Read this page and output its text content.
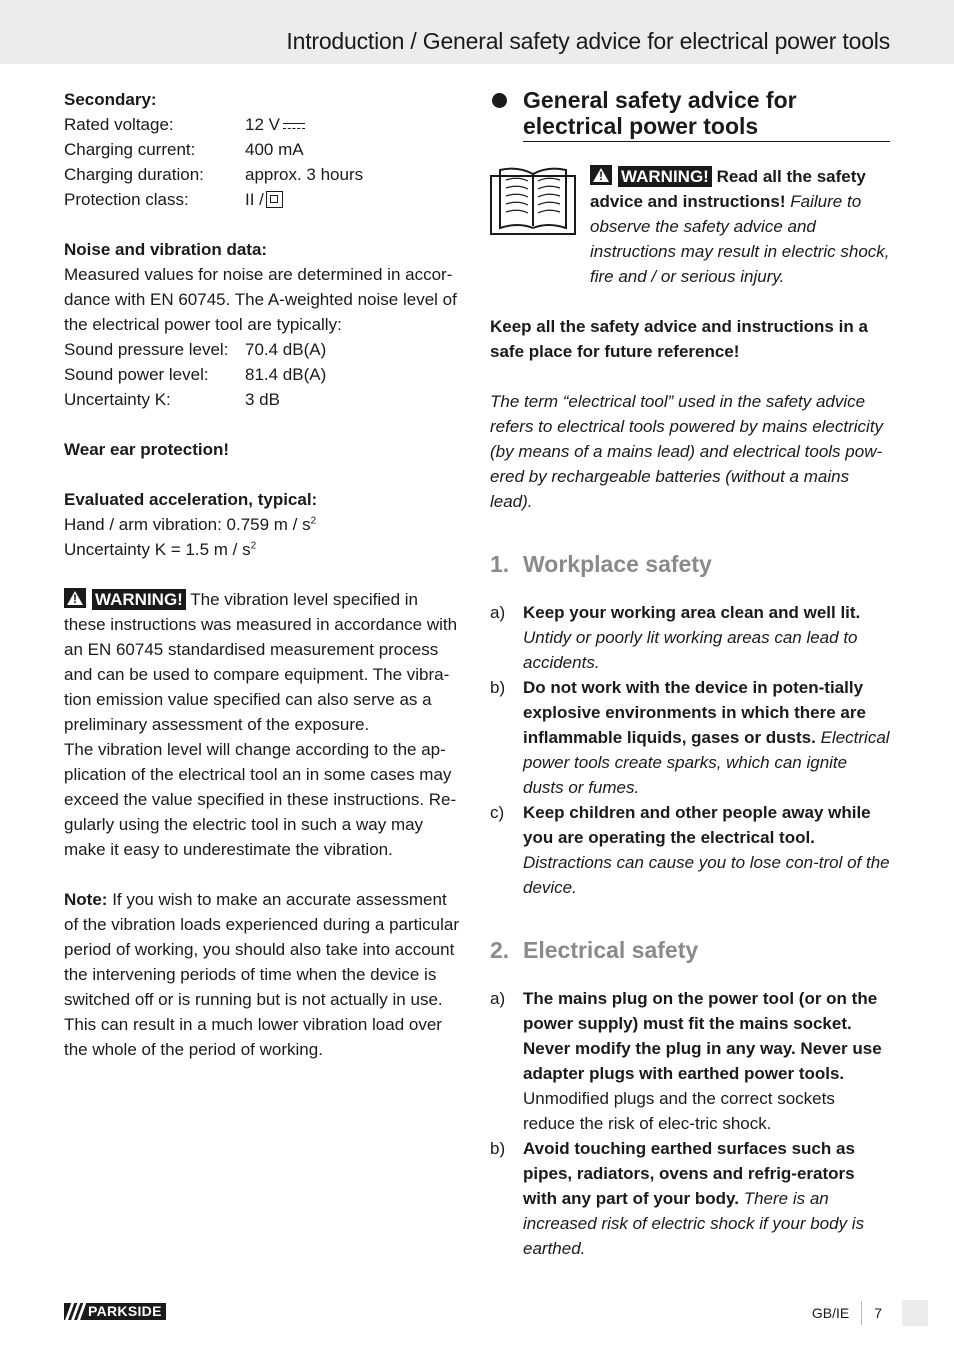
Introduction / General safety advice for electrical power tools

Secondary:

Rated voltage:	12 V
Charging current:	400 mA
Charging duration:	approx. 3 hours
Protection class:	II /

Noise and vibration data:

Measured values for noise are determined in accor-dance with EN 60745. The A-weighted noise level of the electrical power tool are typically:

Sound pressure level: 70.4 dB(A)
Sound power level:	81.4 dB(A)
Uncertainty K:	3 dB

Wear ear protection!

Evaluated acceleration, typical:

Hand / arm vibration: 0.759 m / $s^2$

Uncertainty K = 1.5 m / $s^2$

!WARNING! The vibration level specified in these instructions was measured in accordance with an EN 60745 standardised measurement process and can be used to compare equipment. The vibra-tion emission value specified can also serve as a preliminary assessment of the exposure.

The vibration level will change according to the ap-plication of the electrical tool an in some cases may exceed the value specified in these instructions. Re-gularly using the electric tool in such a way may make it easy to underestimate the vibration.

Note: If you wish to make an accurate assessment of the vibration loads experienced during a particular period of working, you should also take into account the intervening periods of time when the device is switched off or is running but is not actually in use. This can result in a much lower vibration load over the whole of the period of working.

General safety advice for electrical power tools
!WARNING! Read all the safety advice and instructions! Failure to observe the safety advice and instructions may result in electric shock, fire and / or serious injury.

Keep all the safety advice and instructions in a safe place for future reference!

The term “electrical tool” used in the safety advice refers to electrical tools powered by mains electricity (by means of a mains lead) and electrical tools pow-ered by rechargeable batteries (without a mains lead).

1. Workplace safety

a)	Keep your working area clean and well lit. Untidy or poorly lit working areas can lead to accidents.
b)	Do not work with the device in poten-tially explosive environments in which there are inflammable liquids, gases or dusts. Electrical power tools create sparks, which can ignite dusts or fumes.
c)	Keep children and other people away while you are operating the electrical tool. Distractions can cause you to lose con-trol of the device.

2. Electrical safety

a)	The mains plug on the power tool (or on the power supply) must fit the mains socket. Never modify the plug in any way. Never use adapter plugs with earthed power tools. Unmodified plugs and the correct sockets reduce the risk of elec-tric shock.
b)	Avoid touching earthed surfaces such as pipes, radiators, ovens and refrig-erators with any part of your body. There is an increased risk of electric shock if your body is earthed.
PARKSIDE	GB/IE 7
